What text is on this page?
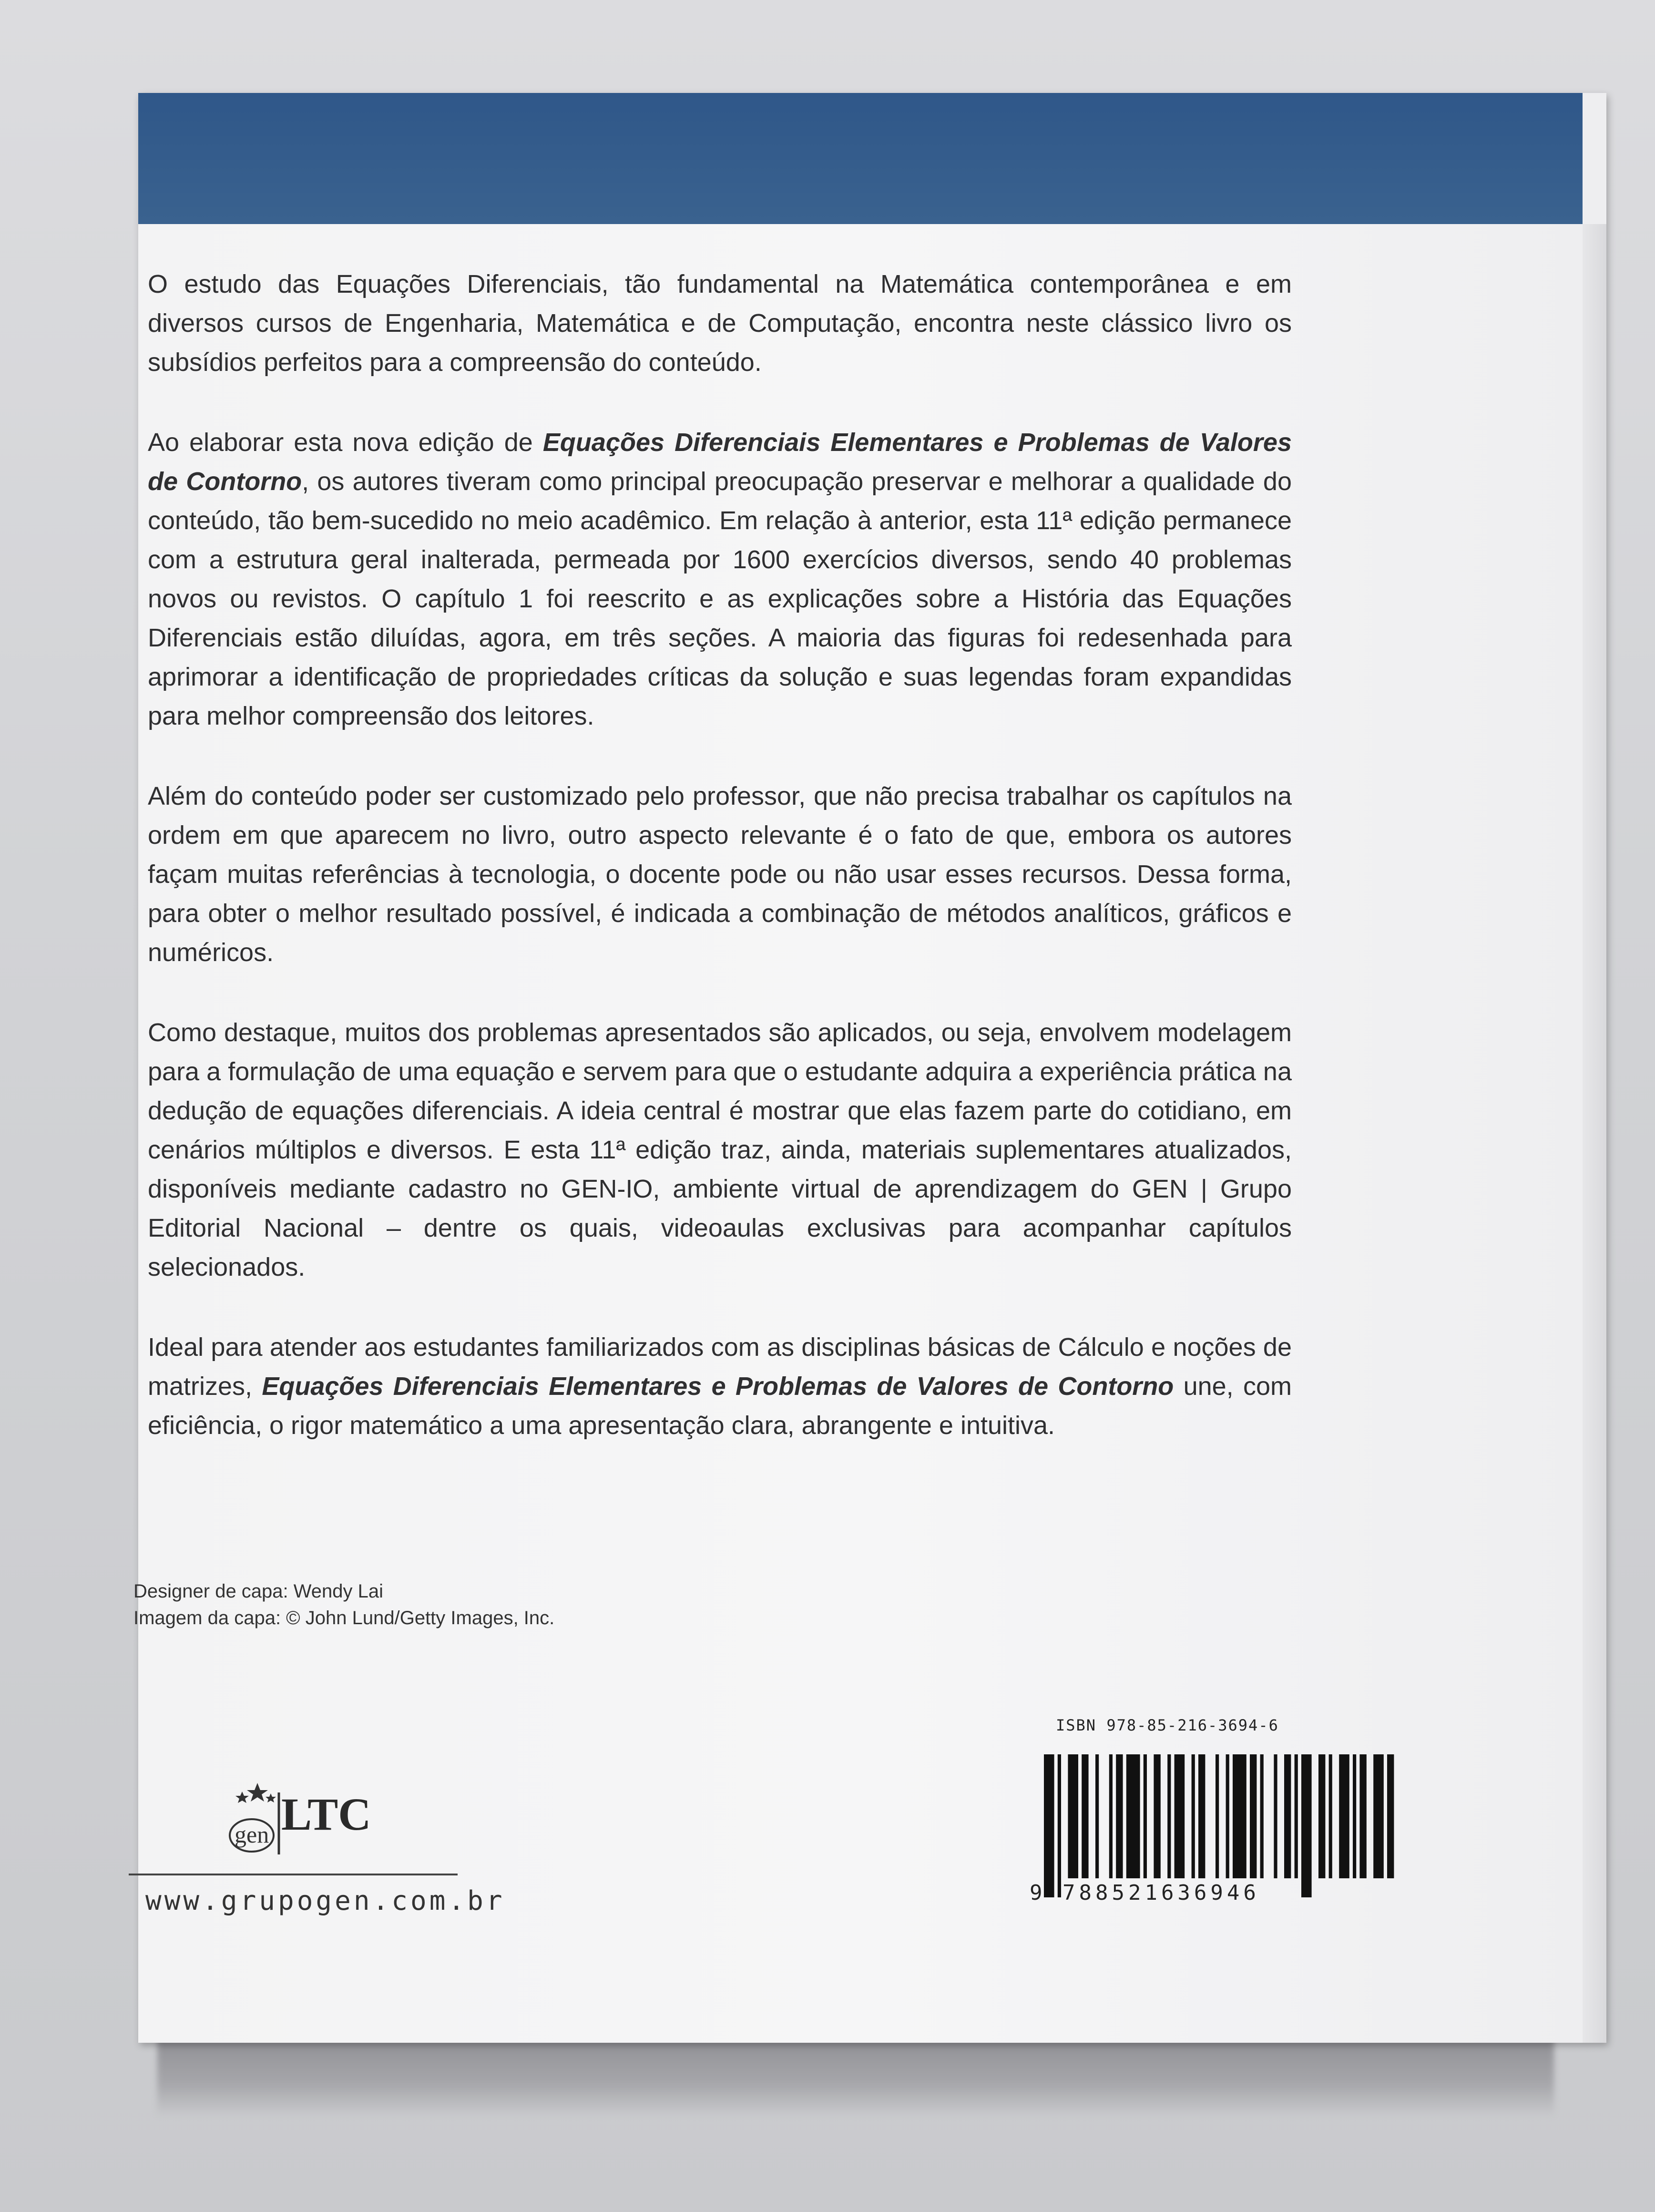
O estudo das Equações Diferenciais, tão fundamental na Matemática contemporânea e em diversos cursos de Engenharia, Matemática e de Computação, encontra neste clássico livro os subsídios perfeitos para a compreensão do conteúdo.

Ao elaborar esta nova edição de Equações Diferenciais Elementares e Problemas de Valores de Contorno, os autores tiveram como principal preocupação preservar e melhorar a qualidade do conteúdo, tão bem-sucedido no meio acadêmico. Em relação à anterior, esta 11ª edição permanece com a estrutura geral inalterada, permeada por 1600 exercícios diversos, sendo 40 problemas novos ou revistos. O capítulo 1 foi reescrito e as explicações sobre a História das Equações Diferenciais estão diluídas, agora, em três seções. A maioria das figuras foi redesenhada para aprimorar a identificação de propriedades críticas da solução e suas legendas foram expandidas para melhor compreensão dos leitores.

Além do conteúdo poder ser customizado pelo professor, que não precisa trabalhar os capítulos na ordem em que aparecem no livro, outro aspecto relevante é o fato de que, embora os autores façam muitas referências à tecnologia, o docente pode ou não usar esses recursos. Dessa forma, para obter o melhor resultado possível, é indicada a combinação de métodos analíticos, gráficos e numéricos.

Como destaque, muitos dos problemas apresentados são aplicados, ou seja, envolvem modelagem para a formulação de uma equação e servem para que o estudante adquira a experiência prática na dedução de equações diferenciais. A ideia central é mostrar que elas fazem parte do cotidiano, em cenários múltiplos e diversos. E esta 11ª edição traz, ainda, materiais suplementares atualizados, disponíveis mediante cadastro no GEN-IO, ambiente virtual de aprendizagem do GEN | Grupo Editorial Nacional – dentre os quais, videoaulas exclusivas para acompanhar capítulos selecionados.

Ideal para atender aos estudantes familiarizados com as disciplinas básicas de Cálculo e noções de matrizes, Equações Diferenciais Elementares e Problemas de Valores de Contorno une, com eficiência, o rigor matemático a uma apresentação clara, abrangente e intuitiva.

Designer de capa: Wendy Lai
Imagem da capa: © John Lund/Getty Images, Inc.
gen LTC
www.grupogen.com.br
ISBN 978-85-216-3694-6
9 788521636946
